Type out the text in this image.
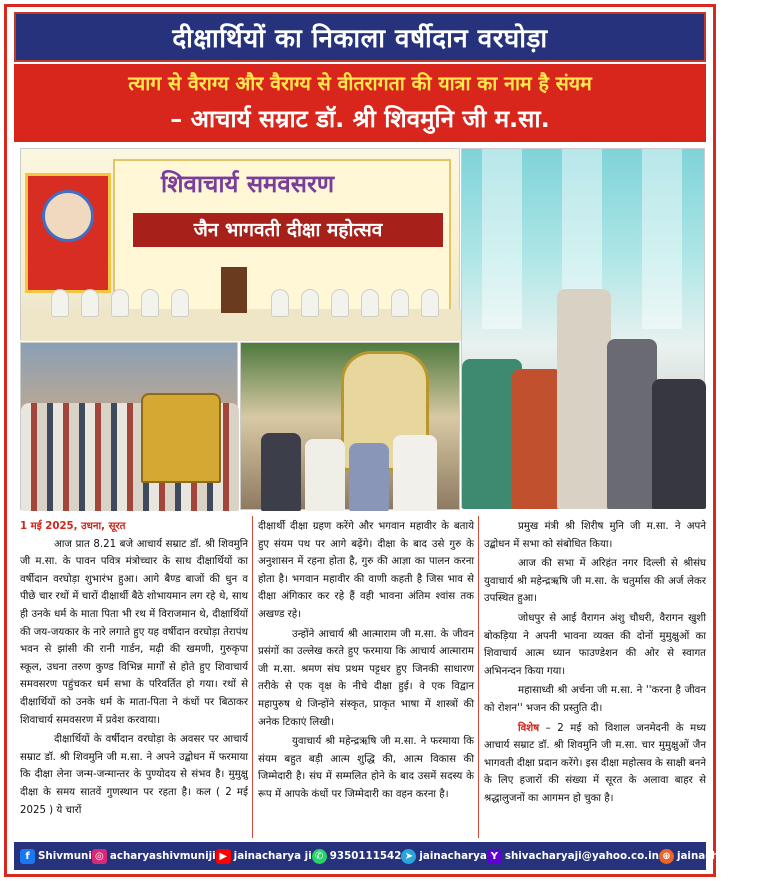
दीक्षार्थियों का निकाला वर्षीदान वरघोड़ा
त्याग से वैराग्य और वैराग्य से वीतरागता की यात्रा का नाम है संयम
– आचार्य सम्राट डॉ. श्री शिवमुनि जी म.सा.
शिवाचार्य समवसरण
जैन भागवती दीक्षा महोत्सव
1 मई 2025, उधना, सूरत
आज प्रात 8.21 बजे आचार्य सम्राट डॉ. श्री शिवमुनि जी म.सा. के पावन पवित्र मंत्रोच्चार के साथ दीक्षार्थियों का वर्षीदान वरघोड़ा शुभारंभ हुआ। आगे बैण्ड बाजों की धुन व पीछे चार रथों में चारों दीक्षार्थी बैठे शोभायमान लग रहे थे, साथ ही उनके धर्म के माता पिता भी रथ में विराजमान थे, दीक्षार्थियों की जय-जयकार के नारे लगाते हुए यह वर्षीदान वरघोड़ा तेरापंथ भवन से झांसी की रानी गार्डन, मढ़ी की खमणी, गुरुकृपा स्कूल, उधना तरुण कुण्ड विभिन्न मार्गों से होते हुए शिवाचार्य समवसरण पहुंचकर धर्म सभा के परिवर्तित हो गया। रथों से दीक्षार्थियों को उनके धर्म के माता-पिता ने कंधों पर बिठाकर शिवाचार्य समवसरण में प्रवेश करवाया।
दीक्षार्थियों के वर्षीदान वरघोड़ा के अवसर पर आचार्य सम्राट डॉ. श्री शिवमुनि जी म.सा. ने अपने उद्बोधन में फरमाया कि दीक्षा लेना जन्म-जन्मान्तर के पुण्योदय से संभव है। मुमुक्षु दीक्षा के समय सातवें गुणस्थान पर रहता है। कल ( 2 मई 2025 ) ये चारों
दीक्षार्थी दीक्षा ग्रहण करेंगे और भगवान महावीर के बताये हुए संयम पथ पर आगे बढ़ेंगे। दीक्षा के बाद उसे गुरु के अनुशासन में रहना होता है, गुरु की आज्ञा का पालन करना होता है। भगवान महावीर की वाणी कहती है जिस भाव से दीक्षा अंगिकार कर रहे हैं वही भावना अंतिम श्वांस तक अखण्ड रहे।
उन्होंने आचार्य श्री आत्माराम जी म.सा. के जीवन प्रसंगों का उल्लेख करते हुए फरमाया कि आचार्य आत्माराम जी म.सा. श्रमण संघ प्रथम पट्टधर हुए जिनकी साधारण तरीके से एक वृक्ष के नीचे दीक्षा हुई। वे एक विद्वान महापुरुष थे जिन्होंने संस्कृत, प्राकृत भाषा में शास्त्रों की अनेक टिकाएं लिखी।
युवाचार्य श्री महेन्द्रऋषि जी म.सा. ने फरमाया कि संयम बहुत बड़ी आत्म शुद्धि की, आत्म विकास की जिम्मेदारी है। संघ में सम्मलित होने के बाद उसमें सदस्य के रूप में आपके कंधों पर जिम्मेदारी का वहन करना है।
प्रमुख मंत्री श्री शिरीष मुनि जी म.सा. ने अपने उद्बोधन में सभा को संबोधित किया।
आज की सभा में अरिहंत नगर दिल्ली से श्रीसंघ युवाचार्य श्री महेन्द्रऋषि जी म.सा. के चतुर्मास की अर्ज लेकर उपस्थित हुआ।
जोधपुर से आई वैरागन अंशु चौधरी, वैरागन खुशी बोकड़िया ने अपनी भावना व्यक्त की दोनों मुमुक्षुओं का शिवाचार्य आत्म ध्यान फाउण्डेशन की ओर से स्वागत अभिनन्दन किया गया।
महासाध्वी श्री अर्चना जी म.सा. ने ''करना है जीवन को रोशन'' भजन की प्रस्तुति दी।
विशेष – 2 मई को विशाल जनमेदनी के मध्य आचार्य सम्राट डॉ. श्री शिवमुनि जी म.सा. चार मुमुक्षुओं जैन भागवती दीक्षा प्रदान करेंगे। इस दीक्षा महोत्सव के साक्षी बनने के लिए हजारों की संख्या में सूरत के अलावा बाहर से श्रद्धालुजनों का आगमन हो चुका है।
f Shivmuni ◎ acharyashivmuniji ▶ jainacharya ji ✆ 9350111542 ➤ jainacharya Y shivacharyaji@yahoo.co.in ⊕ jainacharya.org
